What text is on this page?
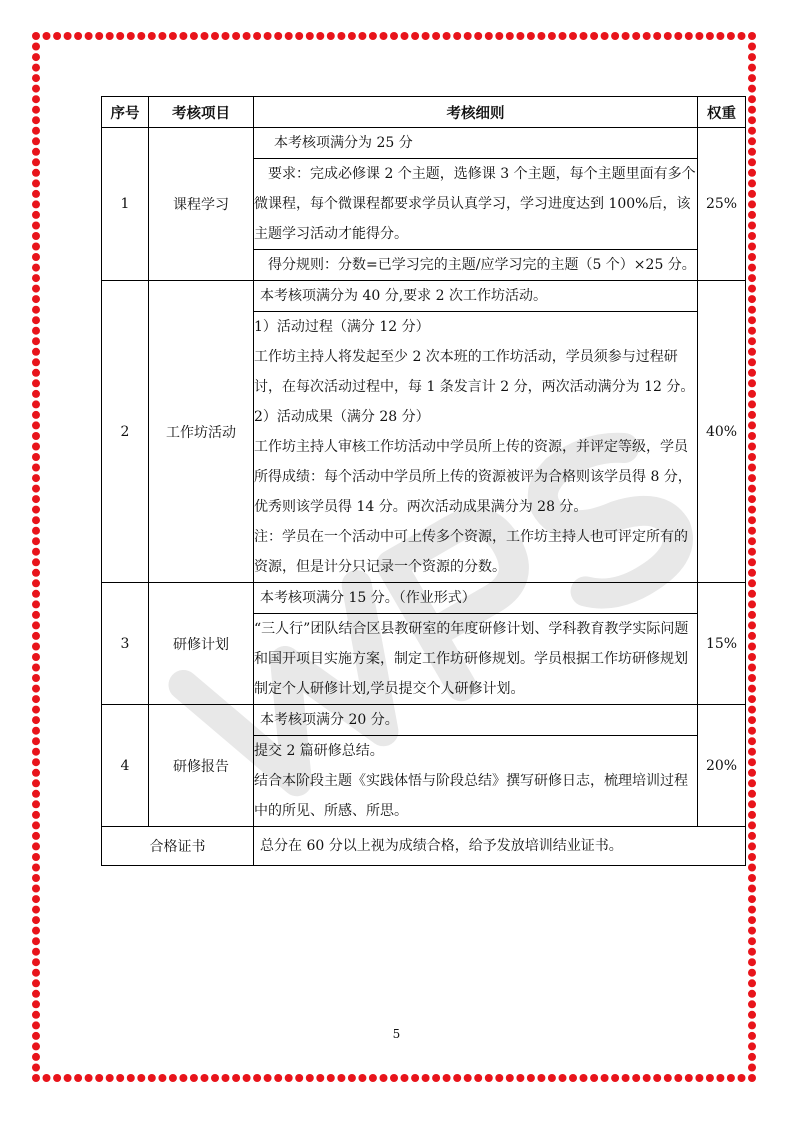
序号	考核项目	考核细则	权重
1	课程学习	本考核项满分为 25 分	25%
		要求：完成必修课 2 个主题，选修课 3 个主题，每个主题里面有多个微课程，每个微课程都要求学员认真学习，学习进度达到 100%后，该主题学习活动才能得分。	
		得分规则：分数=已学习完的主题/应学习完的主题（5 个）×25 分。	
2	工作坊活动	本考核项满分为 40 分,要求 2 次工作坊活动。	40%

		1）活动过程（满分 12 分）
工作坊主持人将发起至少 2 次本班的工作坊活动，学员须参与过程研讨，在每次活动过程中，每 1 条发言计 2 分，两次活动满分为 12 分。
2）活动成果（满分 28 分）
工作坊主持人审核工作坊活动中学员所上传的资源，并评定等级，学员所得成绩：每个活动中学员所上传的资源被评为合格则该学员得 8 分，优秀则该学员得 14 分。两次活动成果满分为 28 分。
注：学员在一个活动中可上传多个资源，工作坊主持人也可评定所有的资源，但是计分只记录一个资源的分数。	

3	研修计划	本考核项满分 15 分。（作业形式）	15%
		“三人行”团队结合区县教研室的年度研修计划、学科教育教学实际问题和国开项目实施方案，制定工作坊研修规划。学员根据工作坊研修规划制定个人研修计划,学员提交个人研修计划。	
4	研修报告	本考核项满分 20 分。	20%

		提交 2 篇研修总结。
结合本阶段主题《实践体悟与阶段总结》撰写研修日志，梳理培训过程中的所见、所感、所思。	

合格证书		总分在 60 分以上视为成绩合格，给予发放培训结业证书。	
5
